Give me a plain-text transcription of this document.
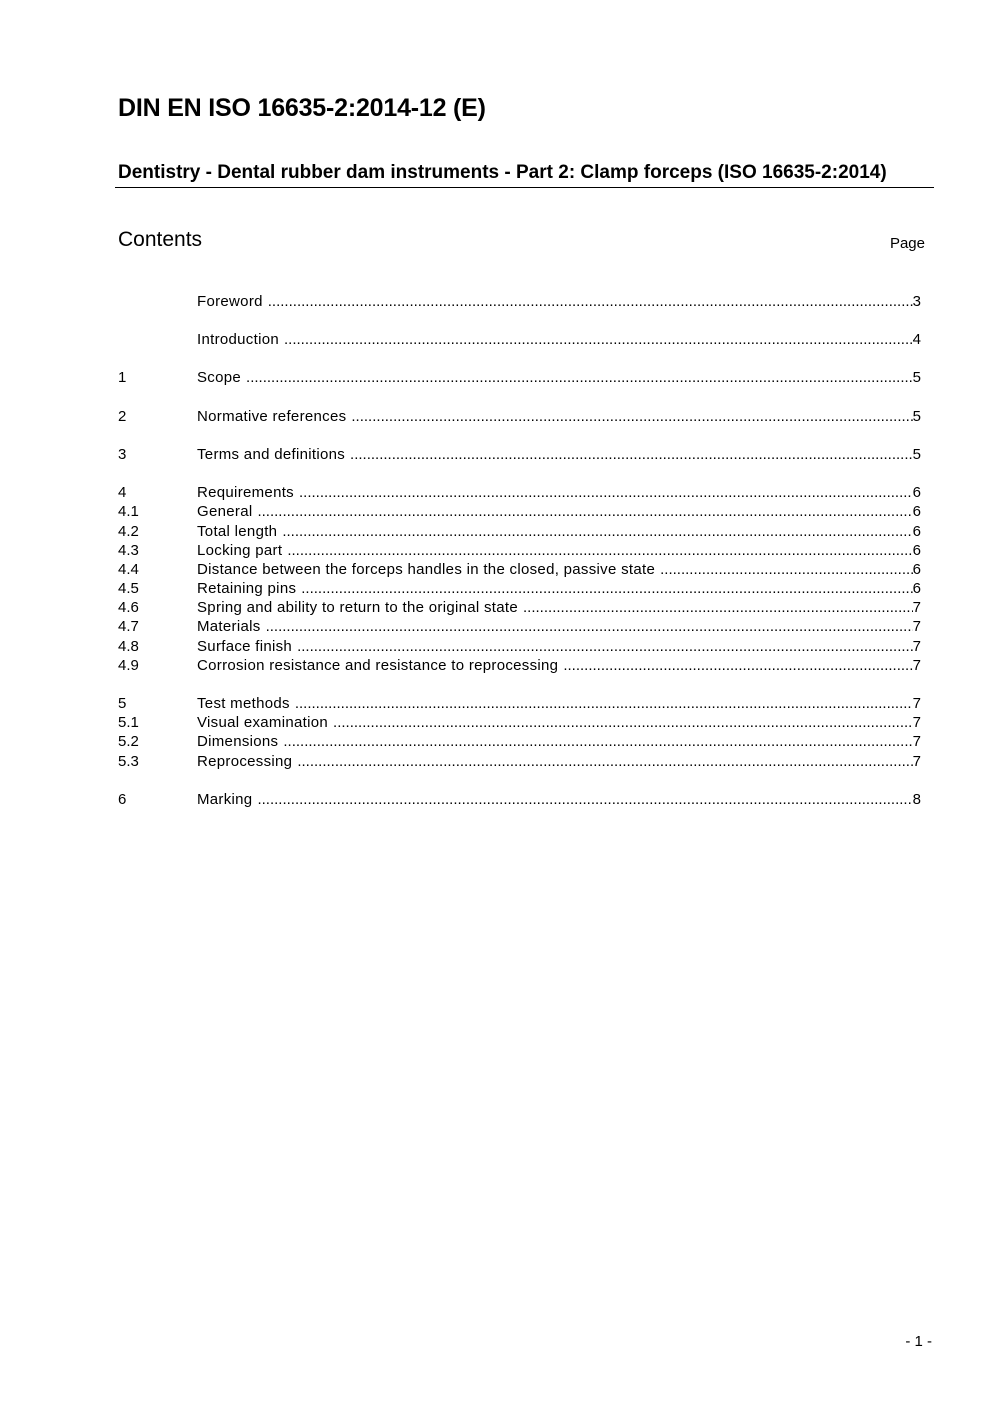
DIN EN ISO 16635-2:2014-12 (E)
Dentistry - Dental rubber dam instruments - Part 2: Clamp forceps (ISO 16635-2:2014)
Contents	Page
Foreword .....	3
Introduction .....	4
1	Scope .....	5
2	Normative references .....	5
3	Terms and definitions .....	5
4	Requirements .....	6
4.1	General .....	6
4.2	Total length .....	6
4.3	Locking part .....	6
4.4	Distance between the forceps handles in the closed, passive state .....	6
4.5	Retaining pins .....	6
4.6	Spring and ability to return to the original state .....	7
4.7	Materials .....	7
4.8	Surface finish .....	7
4.9	Corrosion resistance and resistance to reprocessing .....	7
5	Test methods .....	7
5.1	Visual examination .....	7
5.2	Dimensions .....	7
5.3	Reprocessing .....	7
6	Marking .....	8
- 1 -
